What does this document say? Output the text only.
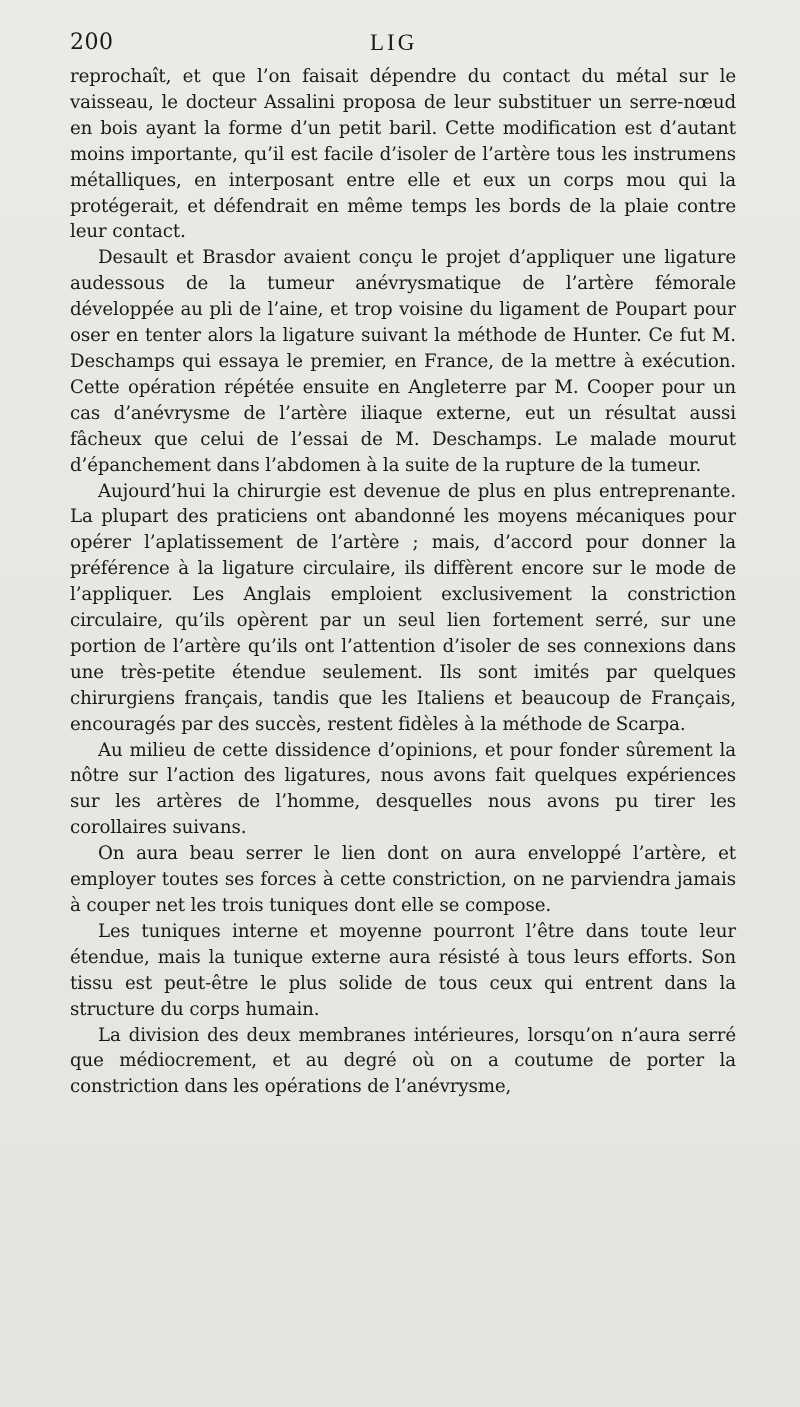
200	LIG

reprochaît, et que l’on faisait dépendre du contact du métal sur le vaisseau, le docteur Assalini proposa de leur substituer un serre-nœud en bois ayant la forme d’un petit baril. Cette modification est d’autant moins importante, qu’il est facile d’isoler de l’artère tous les instrumens métalliques, en interposant entre elle et eux un corps mou qui la protégerait, et défendrait en même temps les bords de la plaie contre leur contact.

Desault et Brasdor avaient conçu le projet d’appliquer une ligature audessous de la tumeur anévrysmatique de l’artère fémorale développée au pli de l’aine, et trop voisine du ligament de Poupart pour oser en tenter alors la ligature suivant la méthode de Hunter. Ce fut M. Deschamps qui essaya le premier, en France, de la mettre à exécution. Cette opération répétée ensuite en Angleterre par M. Cooper pour un cas d’anévrysme de l’artère iliaque externe, eut un résultat aussi fâcheux que celui de l’essai de M. Deschamps. Le malade mourut d’épanchement dans l’abdomen à la suite de la rupture de la tumeur.

Aujourd’hui la chirurgie est devenue de plus en plus entreprenante. La plupart des praticiens ont abandonné les moyens mécaniques pour opérer l’aplatissement de l’artère ; mais, d’accord pour donner la préférence à la ligature circulaire, ils diffèrent encore sur le mode de l’appliquer. Les Anglais emploient exclusivement la constriction circulaire, qu’ils opèrent par un seul lien fortement serré, sur une portion de l’artère qu’ils ont l’attention d’isoler de ses connexions dans une très-petite étendue seulement. Ils sont imités par quelques chirurgiens français, tandis que les Italiens et beaucoup de Français, encouragés par des succès, restent fidèles à la méthode de Scarpa.

Au milieu de cette dissidence d’opinions, et pour fonder sûrement la nôtre sur l’action des ligatures, nous avons fait quelques expériences sur les artères de l’homme, desquelles nous avons pu tirer les corollaires suivans.

On aura beau serrer le lien dont on aura enveloppé l’artère, et employer toutes ses forces à cette constriction, on ne parviendra jamais à couper net les trois tuniques dont elle se compose.

Les tuniques interne et moyenne pourront l’être dans toute leur étendue, mais la tunique externe aura résisté à tous leurs efforts. Son tissu est peut-être le plus solide de tous ceux qui entrent dans la structure du corps humain.

La division des deux membranes intérieures, lorsqu’on n’aura serré que médiocrement, et au degré où on a coutume de porter la constriction dans les opérations de l’anévrysme,
